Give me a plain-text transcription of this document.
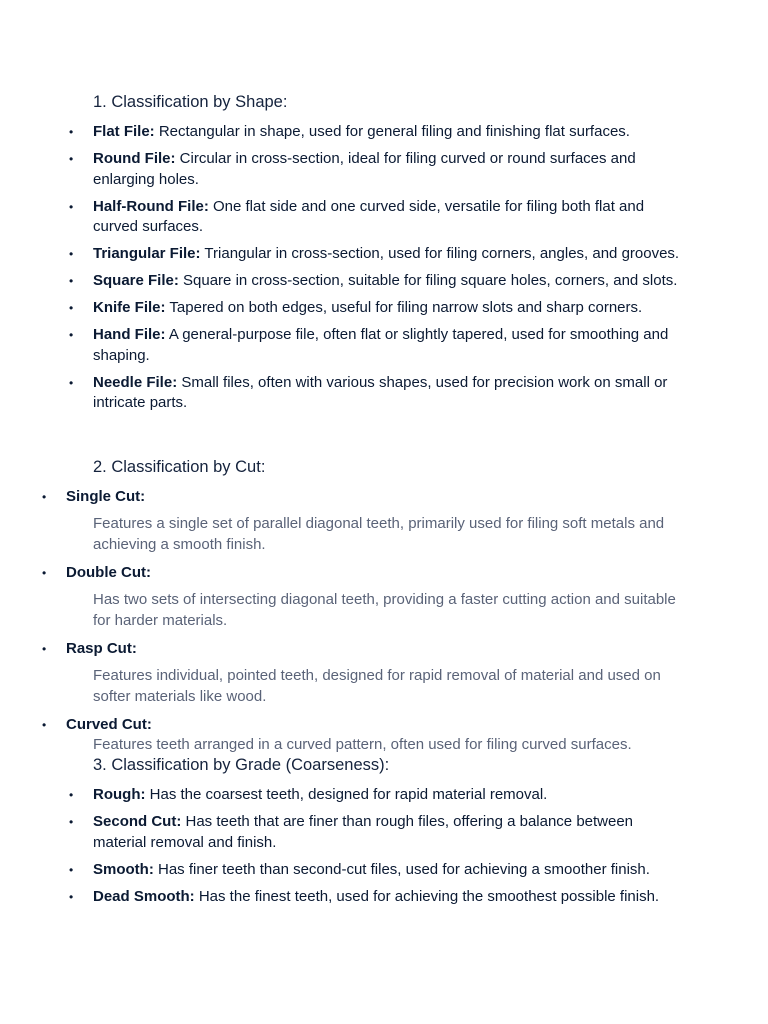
1. Classification by Shape:
• Flat File: Rectangular in shape, used for general filing and finishing flat surfaces.
• Round File: Circular in cross-section, ideal for filing curved or round surfaces and enlarging holes.
• Half-Round File: One flat side and one curved side, versatile for filing both flat and curved surfaces.
• Triangular File: Triangular in cross-section, used for filing corners, angles, and grooves.
• Square File: Square in cross-section, suitable for filing square holes, corners, and slots.
• Knife File: Tapered on both edges, useful for filing narrow slots and sharp corners.
• Hand File: A general-purpose file, often flat or slightly tapered, used for smoothing and shaping.
• Needle File: Small files, often with various shapes, used for precision work on small or intricate parts.
2. Classification by Cut:
• Single Cut:
Features a single set of parallel diagonal teeth, primarily used for filing soft metals and achieving a smooth finish.
• Double Cut:
Has two sets of intersecting diagonal teeth, providing a faster cutting action and suitable for harder materials.
• Rasp Cut:
Features individual, pointed teeth, designed for rapid removal of material and used on softer materials like wood.
• Curved Cut:
Features teeth arranged in a curved pattern, often used for filing curved surfaces.
3. Classification by Grade (Coarseness):
• Rough: Has the coarsest teeth, designed for rapid material removal.
• Second Cut: Has teeth that are finer than rough files, offering a balance between material removal and finish.
• Smooth: Has finer teeth than second-cut files, used for achieving a smoother finish.
• Dead Smooth: Has the finest teeth, used for achieving the smoothest possible finish.
